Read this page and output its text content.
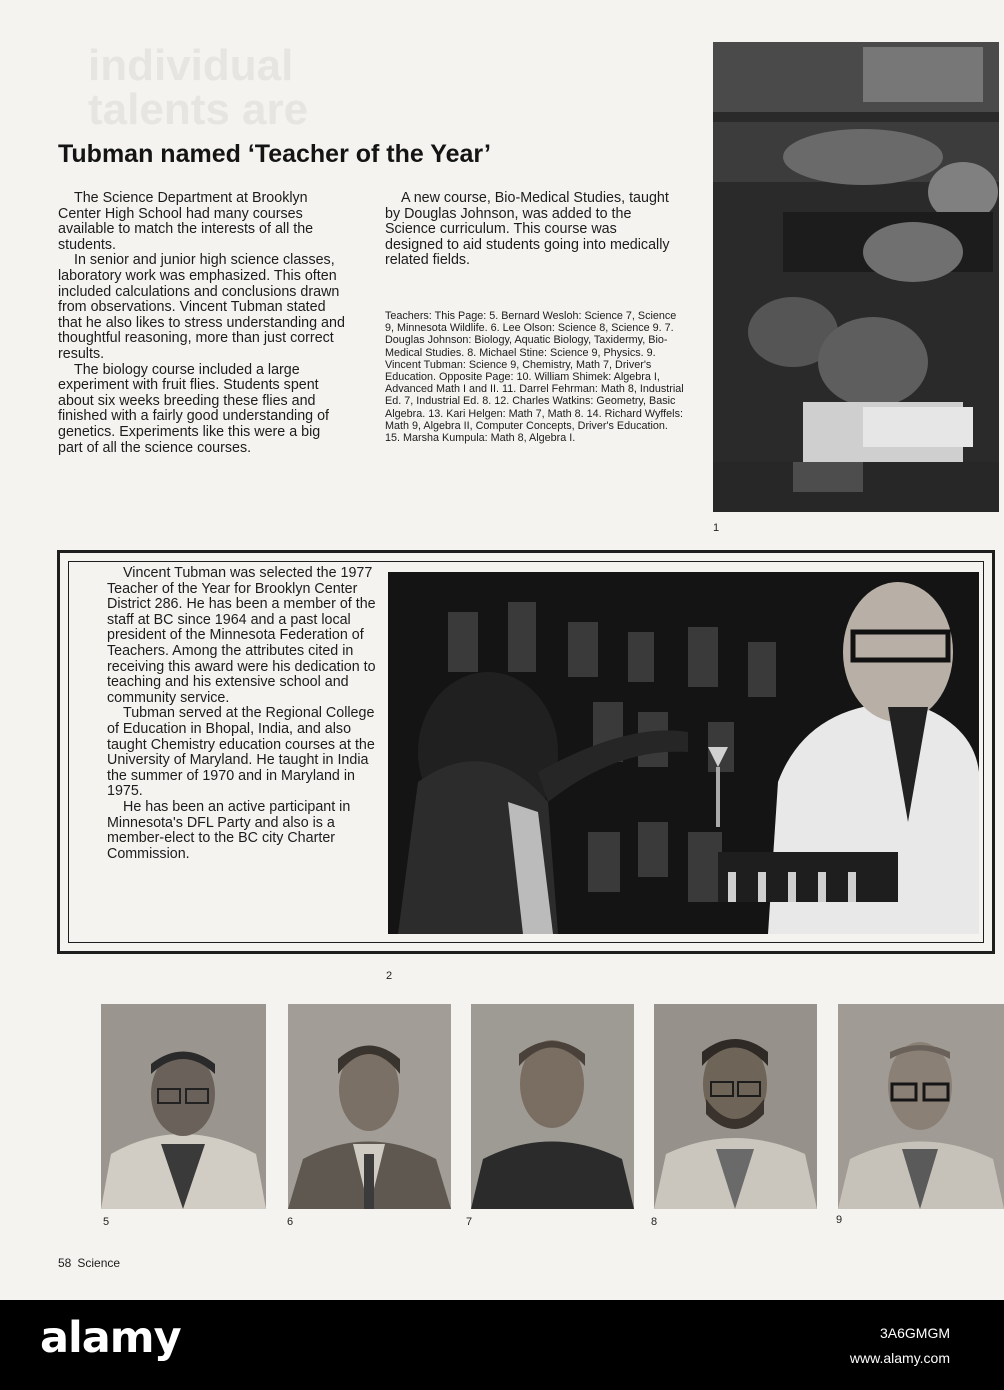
individual
talents are
Tubman named ‘Teacher of the Year’

The Science Department at Brooklyn Center High School had many courses available to match the interests of all the students.

In senior and junior high science classes, laboratory work was emphasized. This often included calculations and conclusions drawn from observations. Vincent Tubman stated that he also likes to stress understanding and thoughtful reasoning, more than just correct results.

The biology course included a large experiment with fruit flies. Students spent about six weeks breeding these flies and finished with a fairly good understanding of genetics. Experiments like this were a big part of all the science courses.

A new course, Bio-Medical Studies, taught by Douglas Johnson, was added to the Science curriculum. This course was designed to aid students going into medically related fields.

Teachers: This Page: 5. Bernard Wesloh: Science 7, Science 9, Minnesota Wildlife. 6. Lee Olson: Science 8, Science 9. 7. Douglas Johnson: Biology, Aquatic Biology, Taxidermy, Bio-Medical Studies. 8. Michael Stine: Science 9, Physics. 9. Vincent Tubman: Science 9, Chemistry, Math 7, Driver's Education. Opposite Page: 10. William Shimek: Algebra I, Advanced Math I and II. 11. Darrel Fehrman: Math 8, Industrial Ed. 7, Industrial Ed. 8. 12. Charles Watkins: Geometry, Basic Algebra. 13. Kari Helgen: Math 7, Math 8. 14. Richard Wyffels: Math 9, Algebra II, Computer Concepts, Driver's Education. 15. Marsha Kumpula: Math 8, Algebra I.

1

Vincent Tubman was selected the 1977 Teacher of the Year for Brooklyn Center District 286. He has been a member of the staff at BC since 1964 and a past local president of the Minnesota Federation of Teachers. Among the attributes cited in receiving this award were his dedication to teaching and his extensive school and community service.

Tubman served at the Regional College of Education in Bhopal, India, and also taught Chemistry education courses at the University of Maryland. He taught in India the summer of 1970 and in Maryland in 1975.

He has been an active participant in Minnesota's DFL Party and also is a member-elect to the BC city Charter Commission.

2
5	6	7	8	9
58 Science
alamy	3A6GMGM
www.alamy.com
